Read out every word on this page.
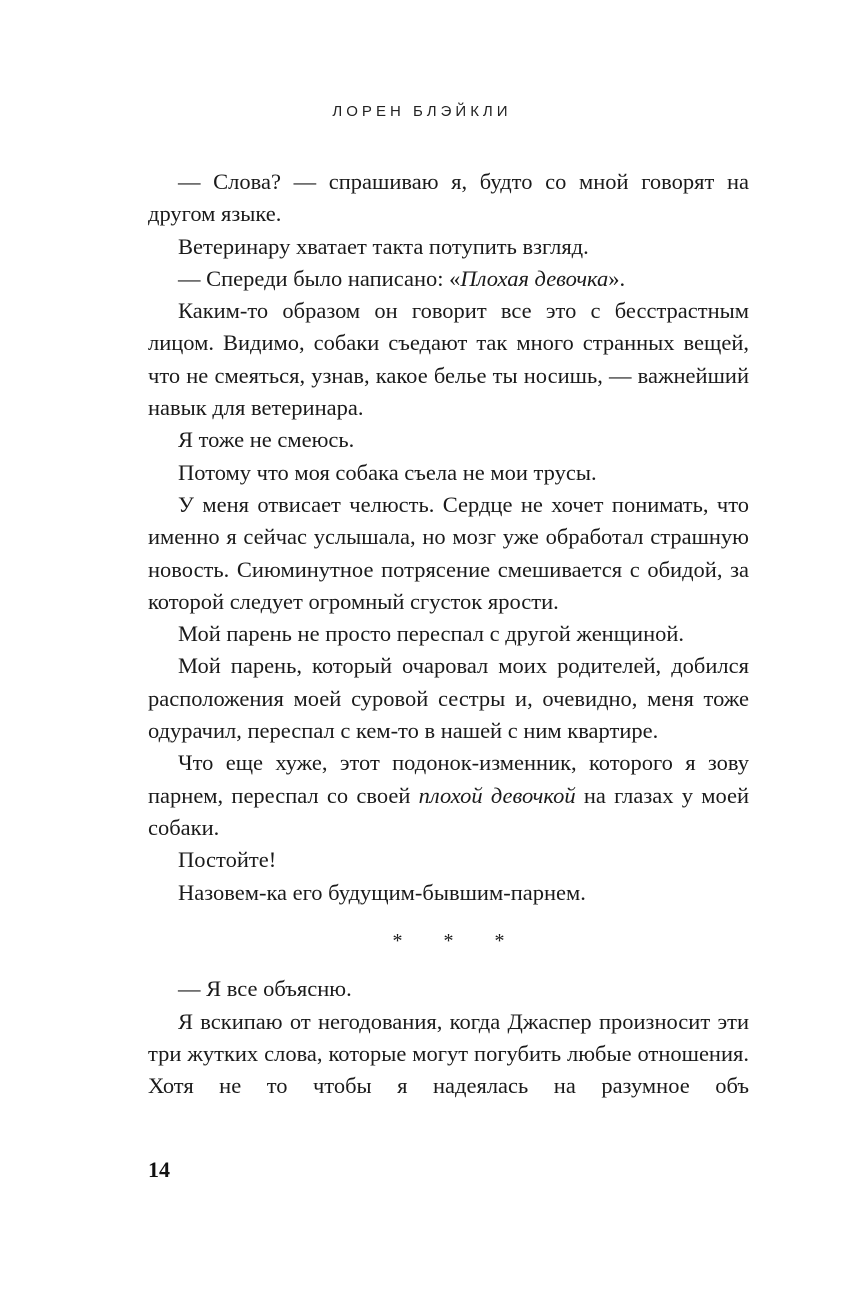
ЛОРЕН БЛЭЙКЛИ

— Слова? — спрашиваю я, будто со мной говорят на другом языке.

Ветеринару хватает такта потупить взгляд.

— Спереди было написано: «Плохая девочка».

Каким-то образом он говорит все это с бесстрастным лицом. Видимо, собаки съедают так много странных вещей, что не смеяться, узнав, какое белье ты носишь, — важнейший навык для ветеринара.

Я тоже не смеюсь.

Потому что моя собака съела не мои трусы.

У меня отвисает челюсть. Сердце не хочет понимать, что именно я сейчас услышала, но мозг уже обработал страшную новость. Сиюминутное потрясение смешивается с обидой, за которой следует огромный сгусток ярости.

Мой парень не просто переспал с другой женщиной.

Мой парень, который очаровал моих родителей, добился расположения моей суровой сестры и, очевидно, меня тоже одурачил, переспал с кем-то в нашей с ним квартире.

Что еще хуже, этот подонок-изменник, которого я зову парнем, переспал со своей плохой девочкой на глазах у моей собаки.

Постойте!

Назовем-ка его будущим-бывшим-парнем.

* * *

— Я все объясню.

Я вскипаю от негодования, когда Джаспер произносит эти три жутких слова, которые могут погубить любые отношения. Хотя не то чтобы я надеялась на разумное объ

14
